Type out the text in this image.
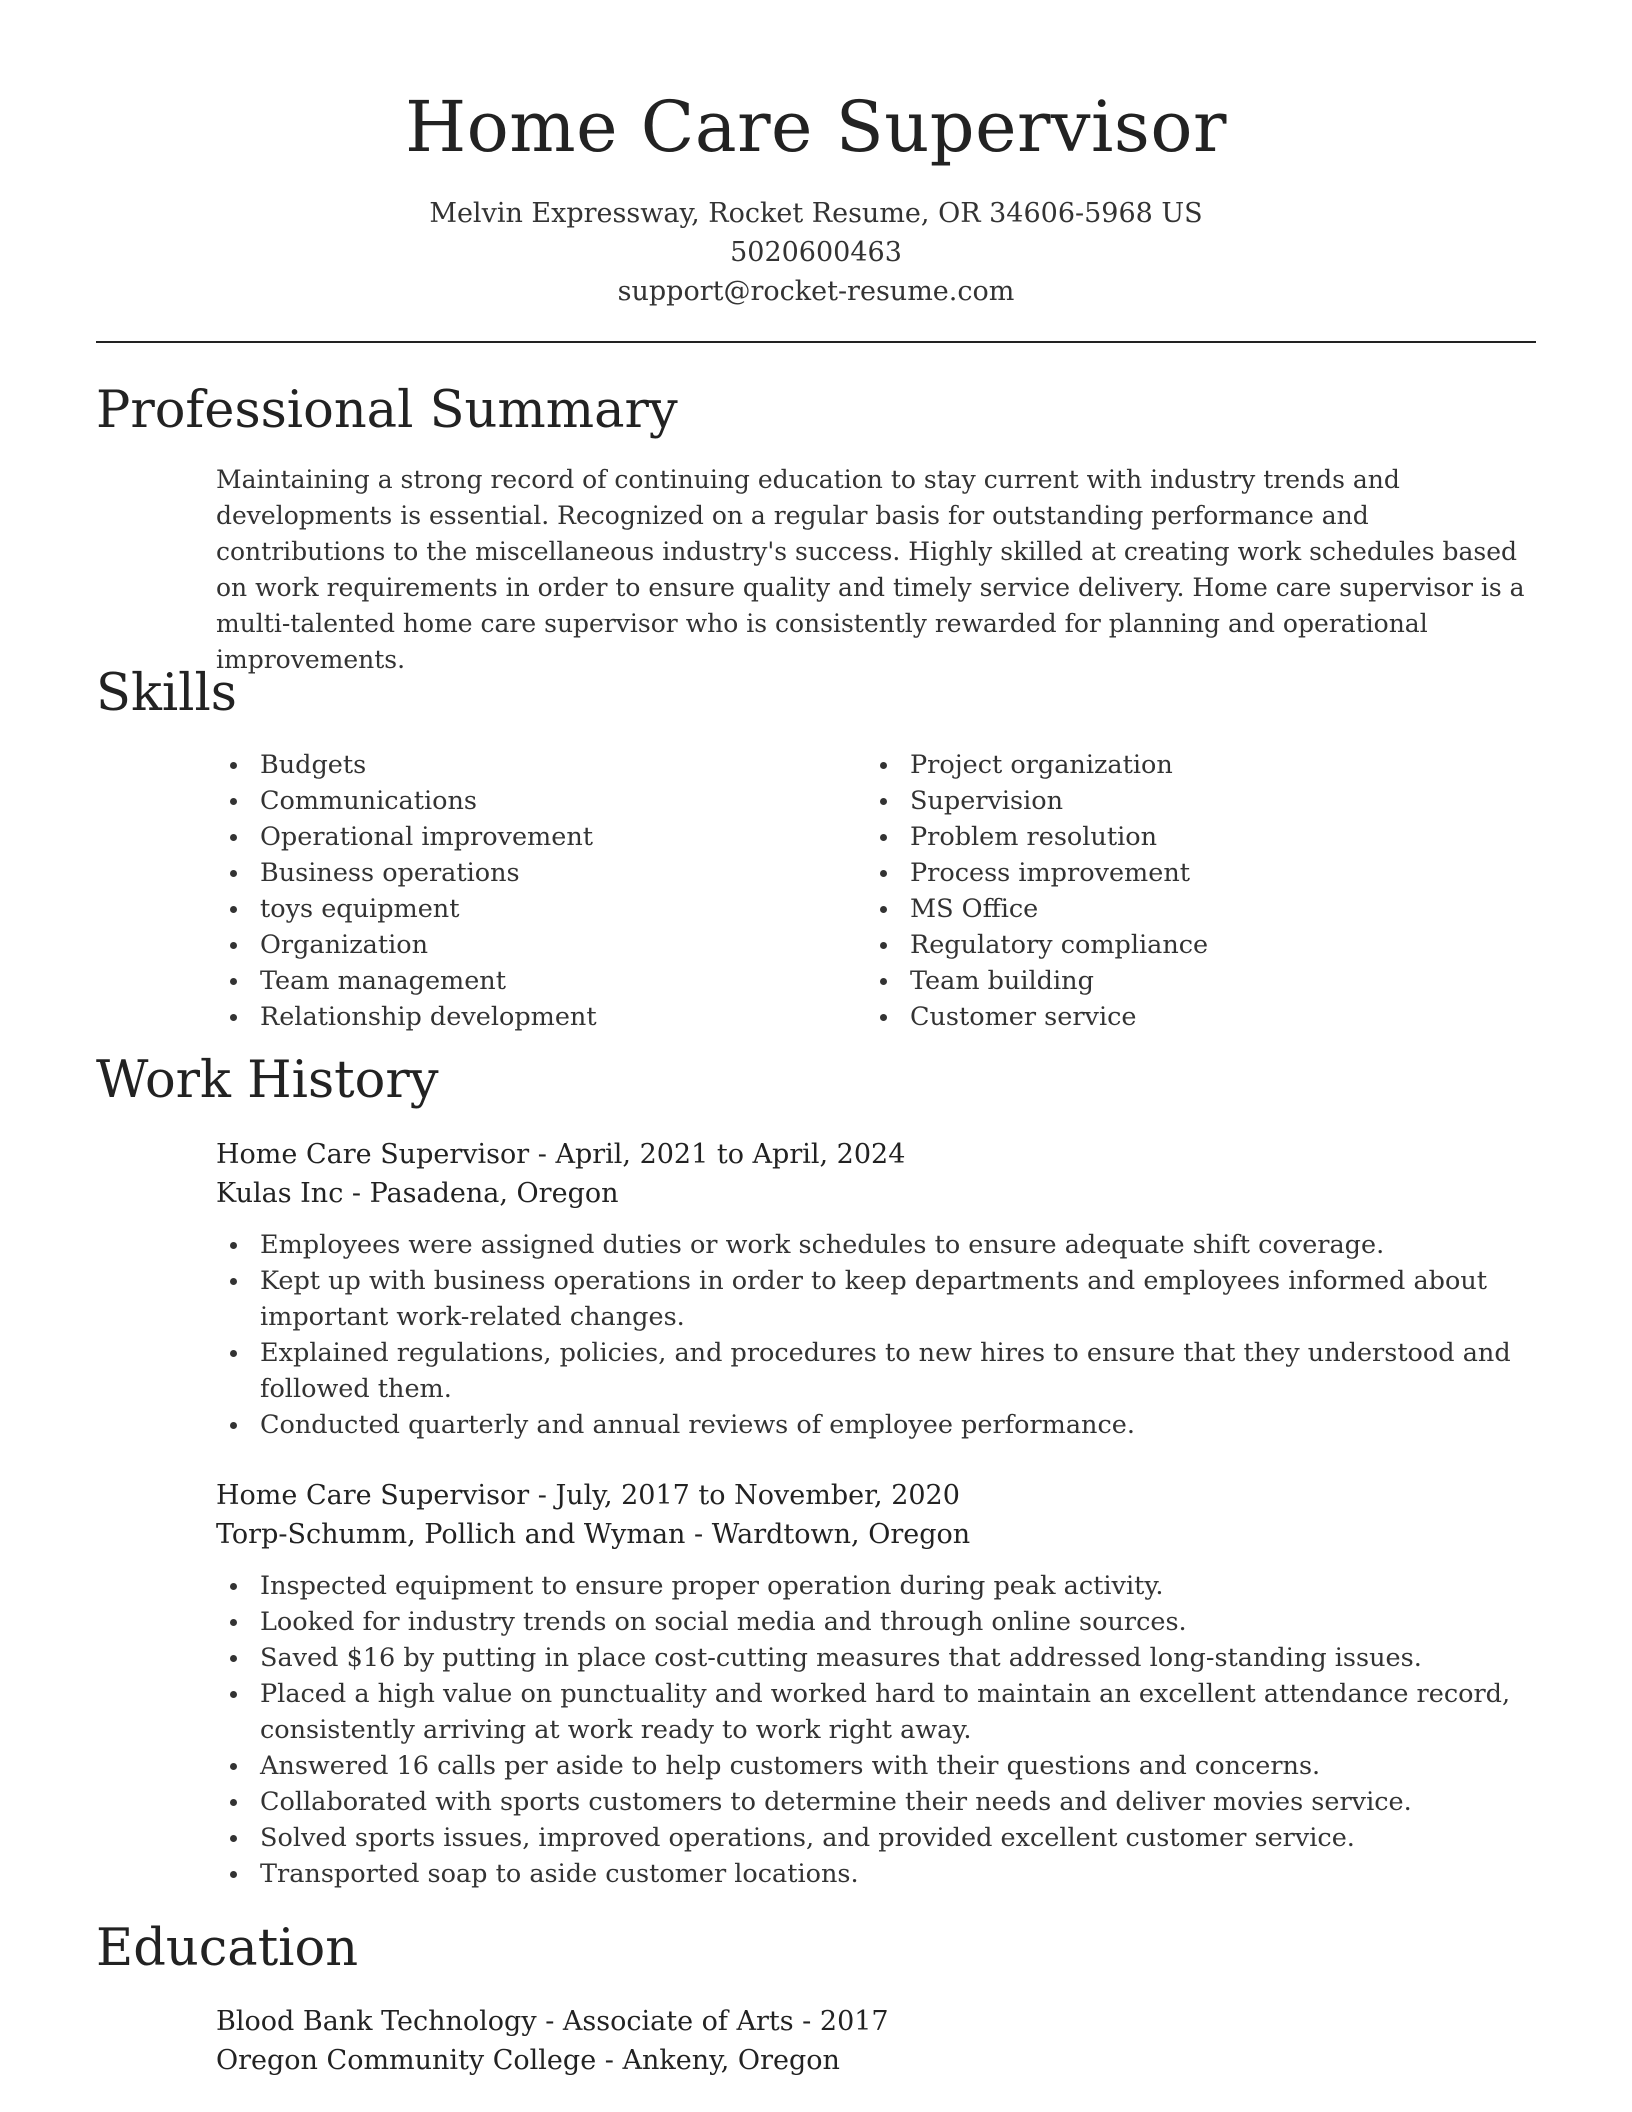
Home Care Supervisor
Melvin Expressway, Rocket Resume, OR 34606-5968 US
5020600463
support@rocket-resume.com
Professional Summary

Maintaining a strong record of continuing education to stay current with industry trends and developments is essential. Recognized on a regular basis for outstanding performance and contributions to the miscellaneous industry's success. Highly skilled at creating work schedules based on work requirements in order to ensure quality and timely service delivery. Home care supervisor is a multi-talented home care supervisor who is consistently rewarded for planning and operational improvements.

Skills
Budgets
Communications
Operational improvement
Business operations
toys equipment
Organization
Team management
Relationship development
Project organization
Supervision
Problem resolution
Process improvement
MS Office
Regulatory compliance
Team building
Customer service
Work History
Home Care Supervisor - April, 2021 to April, 2024
Kulas Inc - Pasadena, Oregon
Employees were assigned duties or work schedules to ensure adequate shift coverage.
Kept up with business operations in order to keep departments and employees informed about important work-related changes.
Explained regulations, policies, and procedures to new hires to ensure that they understood and followed them.
Conducted quarterly and annual reviews of employee performance.
Home Care Supervisor - July, 2017 to November, 2020
Torp-Schumm, Pollich and Wyman - Wardtown, Oregon
Inspected equipment to ensure proper operation during peak activity.
Looked for industry trends on social media and through online sources.
Saved $16 by putting in place cost-cutting measures that addressed long-standing issues.
Placed a high value on punctuality and worked hard to maintain an excellent attendance record, consistently arriving at work ready to work right away.
Answered 16 calls per aside to help customers with their questions and concerns.
Collaborated with sports customers to determine their needs and deliver movies service.
Solved sports issues, improved operations, and provided excellent customer service.
Transported soap to aside customer locations.
Education
Blood Bank Technology - Associate of Arts - 2017
Oregon Community College - Ankeny, Oregon
